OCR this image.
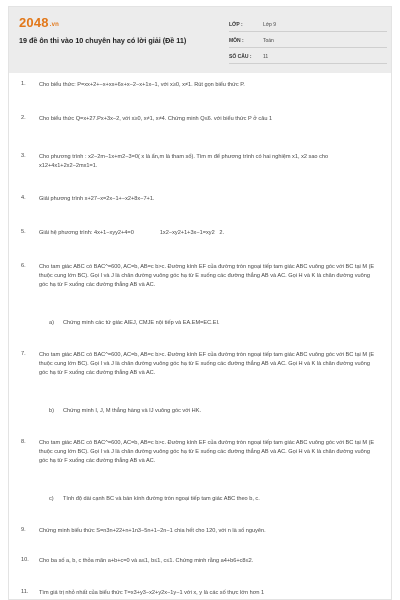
2048.vn
19 đề ôn thi vào 10 chuyên hay có lời giải (Đề 11)
LỚP :	Lớp 9
MÔN :	Toán
SỐ CÂU : 11
1. Cho biểu thức: P=xx+2+−x+xx+6x+x−2−x+1x−1, với x≥0, x≠1. Rút gọn biểu thức P.
2. Cho biểu thức Q=x+27.Px+3x−2, với x≥0, x≠1, x≠4. Chứng minh Q≤6. với biểu thức P ở câu 1
3. Cho phương trình : x2−2m−1x+m2−3=0( x là ẩn,m là tham số). Tìm m để phương trình có hai nghiệm x1, x2 sao cho x12+4x1+2x2−2mx1=1.
4. Giải phương trình x+27−x=2x−1+−x2+8x−7+1.
5. Giải hệ phương trình: 4x+1−xyy2+4=0	1x2−xy2+1+3x−1=xy2 2.
6. Cho tam giác ABC có BAC^=600, AC=b, AB=c b>c. Đường kính EF của đường tròn ngoại tiếp tam giác ABC vuông góc với BC tại M (E thuộc cung lớn BC). Gọi I và J là chân đường vuông góc hạ từ E xuống các đường thẳng AB và AC. Gọi H và K là chân đường vuông góc hạ từ F xuống các đường thẳng AB và AC.
a) Chứng minh các tứ giác AIEJ, CMJE nội tiếp và EA.EM=EC.EI.
7. Cho tam giác ABC có BAC^=600, AC=b, AB=c b>c. Đường kính EF của đường tròn ngoại tiếp tam giác ABC vuông góc với BC tại M (E thuộc cung lớn BC). Gọi I và J là chân đường vuông góc hạ từ E xuống các đường thẳng AB và AC. Gọi H và K là chân đường vuông góc hạ từ F xuống các đường thẳng AB và AC.
b) Chứng minh I, J, M thẳng hàng và IJ vuông góc với HK.
8. Cho tam giác ABC có BAC^=600, AC=b, AB=c b>c. Đường kính EF của đường tròn ngoại tiếp tam giác ABC vuông góc với BC tại M (E thuộc cung lớn BC). Gọi I và J là chân đường vuông góc hạ từ E xuống các đường thẳng AB và AC. Gọi H và K là chân đường vuông góc hạ từ F xuống các đường thẳng AB và AC.
c) Tính độ dài cạnh BC và bán kính đường tròn ngoại tiếp tam giác ABC theo b, c.
9. Chứng minh biểu thức S=n3n+22+n+1n3−5n+1−2n−1 chia hết cho 120, với n là số nguyên.
10. Cho ba số a, b, c thỏa mãn a+b+c=0 và a≤1, b≤1, c≤1. Chứng minh rằng a4+b6+c8≤2.
11. Tìm giá trị nhỏ nhất của biểu thức T=x3+y3−x2+y2x−1y−1 với x, y là các số thực lớn hơn 1
